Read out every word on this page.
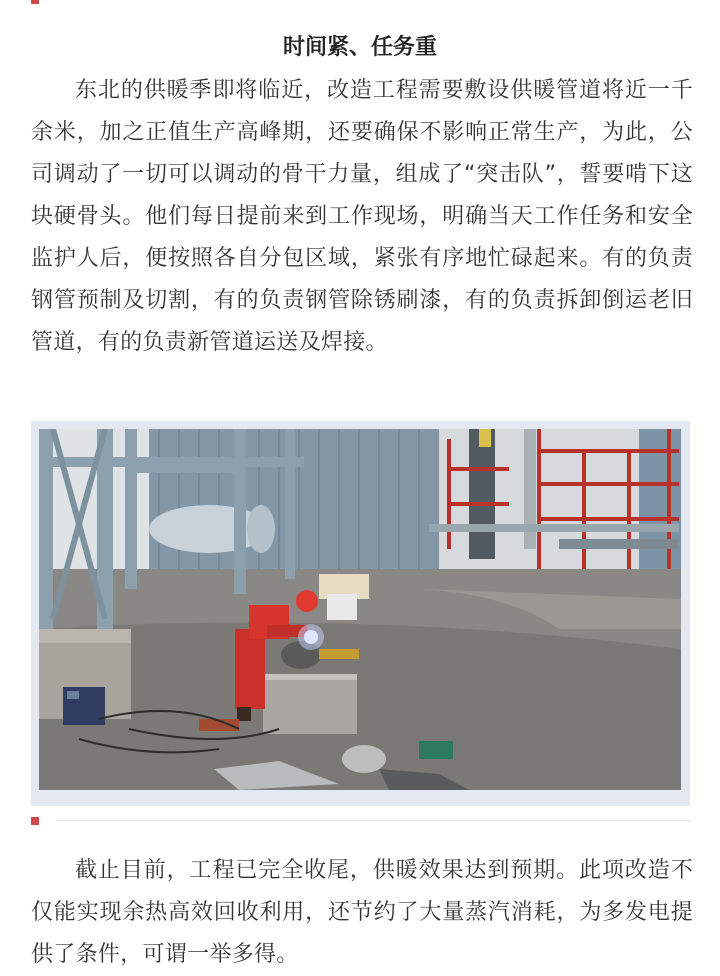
时间紧、任务重

东北的供暖季即将临近，改造工程需要敷设供暖管道将近一千余米，加之正值生产高峰期，还要确保不影响正常生产，为此，公司调动了一切可以调动的骨干力量，组成了“突击队”，誓要啃下这块硬骨头。他们每日提前来到工作现场，明确当天工作任务和安全监护人后，便按照各自分包区域，紧张有序地忙碌起来。有的负责钢管预制及切割，有的负责钢管除锈刷漆，有的负责拆卸倒运老旧管道，有的负责新管道运送及焊接。

截止目前，工程已完全收尾，供暖效果达到预期。此项改造不仅能实现余热高效回收利用，还节约了大量蒸汽消耗，为多发电提供了条件，可谓一举多得。
